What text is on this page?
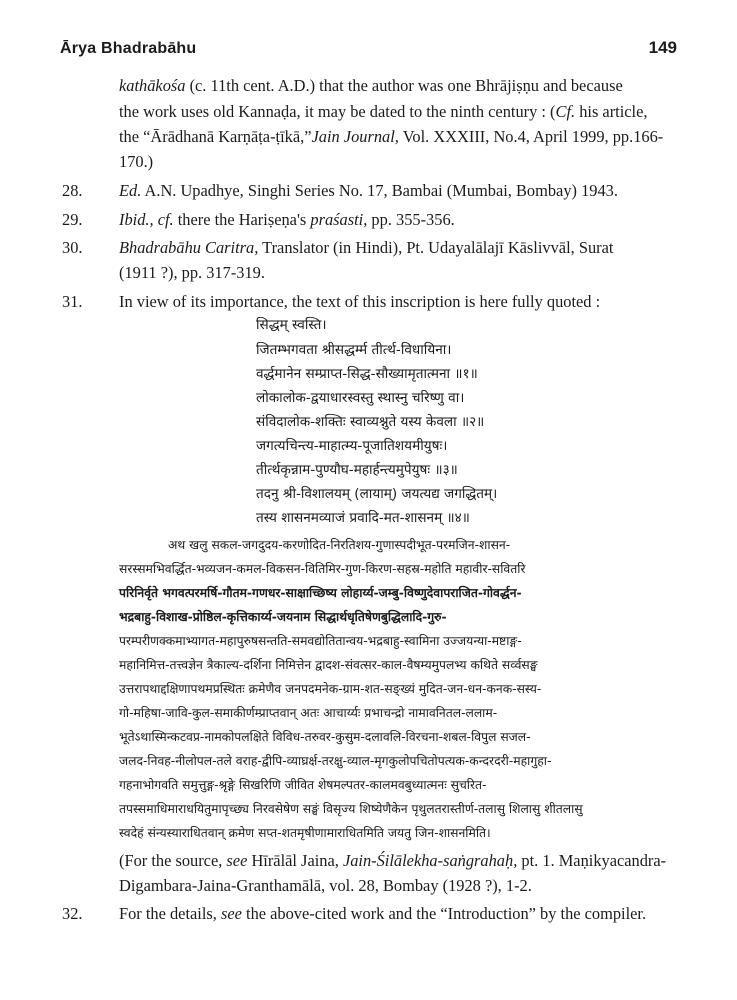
Ārya Bhadrabāhu	149
kathākośa (c. 11th cent. A.D.) that the author was one Bhrājiṣṇu and because
the work uses old Kannaḍa, it may be dated to the ninth century : (Cf. his article,
the “Ārādhanā Karṇāṭa-ṭīkā,”Jain Journal, Vol. XXXIII, No.4, April 1999, pp.166-
170.)
28. Ed. A.N. Upadhye, Singhi Series No. 17, Bambai (Mumbai, Bombay) 1943.
29. Ibid., cf. there the Hariṣeṇa's praśasti, pp. 355-356.
30. Bhadrabāhu Caritra, Translator (in Hindi), Pt. Udayalālajī Kāslivvāl, Surat
(1911 ?), pp. 317-319.
31. In view of its importance, the text of this inscription is here fully quoted :
सिद्धम् स्वस्ति।
जितम्भगवता श्रीसद्धर्म्म तीर्त्थ-विधायिना।
वर्द्धमानेन सम्प्राप्त-सिद्ध-सौख्यामृतात्मना ॥१॥
लोकालोक-द्वयाधारस्वस्तु स्थास्नु चरिष्णु वा।
संविदालोक-शक्तिः स्वाव्यश्नुते यस्य केवला ॥२॥
जगत्यचिन्त्य-माहात्म्य-पूजातिशयमीयुषः।
तीर्त्थकृन्नाम-पुण्यौघ-महार्हन्त्यमुपेयुषः ॥३॥
तदनु श्री-विशालयम् (लायाम्) जयत्यद्य जगद्धितम्।
तस्य शासनमव्याजं प्रवादि-मत-शासनम् ॥४॥
अथ खलु सकल-जगदुदय-करणोदित-निरतिशय-गुणास्पदीभूत-परमजिन-शासन-
सरस्समभिवर्द्धित-भव्यजन-कमल-विकसन-वितिमिर-गुण-किरण-सहस्र-महोति महावीर-सवितरि
परिनिर्वृते भगवत्परमर्षि-गौतम-गणधर-साक्षाच्छिष्य लोहार्य्य-जम्बु-विष्णुदेवापराजित-गोवर्द्धन-
भद्रबाहु-विशाख-प्रोष्ठिल-कृत्तिकार्य्य-जयनाम सिद्धार्थधृतिषेणबुद्धिलादि-गुरु-
परम्परीणक्कमाभ्यागत-महापुरुषसन्तति-समवद्योतितान्वय-भद्रबाहु-स्वामिना उज्जयन्या-मष्टाङ्ग-
महानिमित्त-तत्त्वज्ञेन त्रैकाल्य-दर्शिना निमित्तेन द्वादश-संवत्सर-काल-वैषम्यमुपलभ्य कथिते सर्व्वसङ्घ
उत्तरापथाद्दक्षिणापथमप्रस्थितः क्रमेणैव जनपदमनेक-ग्राम-शत-सङ्ख्यं मुदित-जन-धन-कनक-सस्य-
गो-महिषा-जावि-कुल-समाकीर्णम्प्राप्तवान् अतः आचार्य्यः प्रभाचन्द्रो नामावनितल-ललाम-
भूतेऽथास्मिन्कटवप्र-नामकोपलक्षिते विविध-तरुवर-कुसुम-दलावलि-विरचना-शबल-विपुल सजल-
जलद-निवह-नीलोपल-तले वराह-द्वीपि-व्याघ्रर्क्ष-तरक्षु-व्याल-मृगकुलोपचितोपत्यक-कन्दरदरी-महागुहा-
गहनाभोगवति समुत्तुङ्ग-श्रृङ्गे सिखरिणि जीवित शेषमल्पतर-कालमवबुध्यात्मनः सुचरित-
तपस्समाधिमाराधयितुमापृच्छ्य निरवसेषेण सङ्घं विसृज्य शिष्येणैकेन पृथुलतरास्तीर्ण-तलासु शिलासु शीतलासु
स्वदेहं संन्यस्याराधितवान् क्रमेण सप्त-शतमृषीणामाराधितमिति जयतु जिन-शासनमिति।
(For the source, see Hīrālāl Jaina, Jain-Śilālekha-saṅgrahaḥ, pt. 1. Maṇikyacandra-
Digambara-Jaina-Granthamālā, vol. 28, Bombay (1928 ?), 1-2.
32. For the details, see the above-cited work and the “Introduction” by the compiler.
